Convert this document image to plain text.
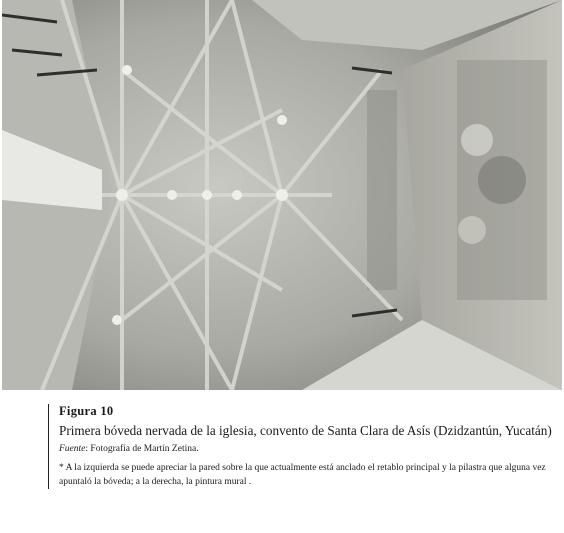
Figura 10

Primera bóveda nervada de la iglesia, convento de Santa Clara de Asís (Dzidzantún, Yucatán)

Fuente: Fotografía de Martín Zetina.

* A la izquierda se puede apreciar la pared sobre la que actualmente está anclado el retablo principal y la pilastra que alguna vez apuntaló la bóveda; a la derecha, la pintura mural .
